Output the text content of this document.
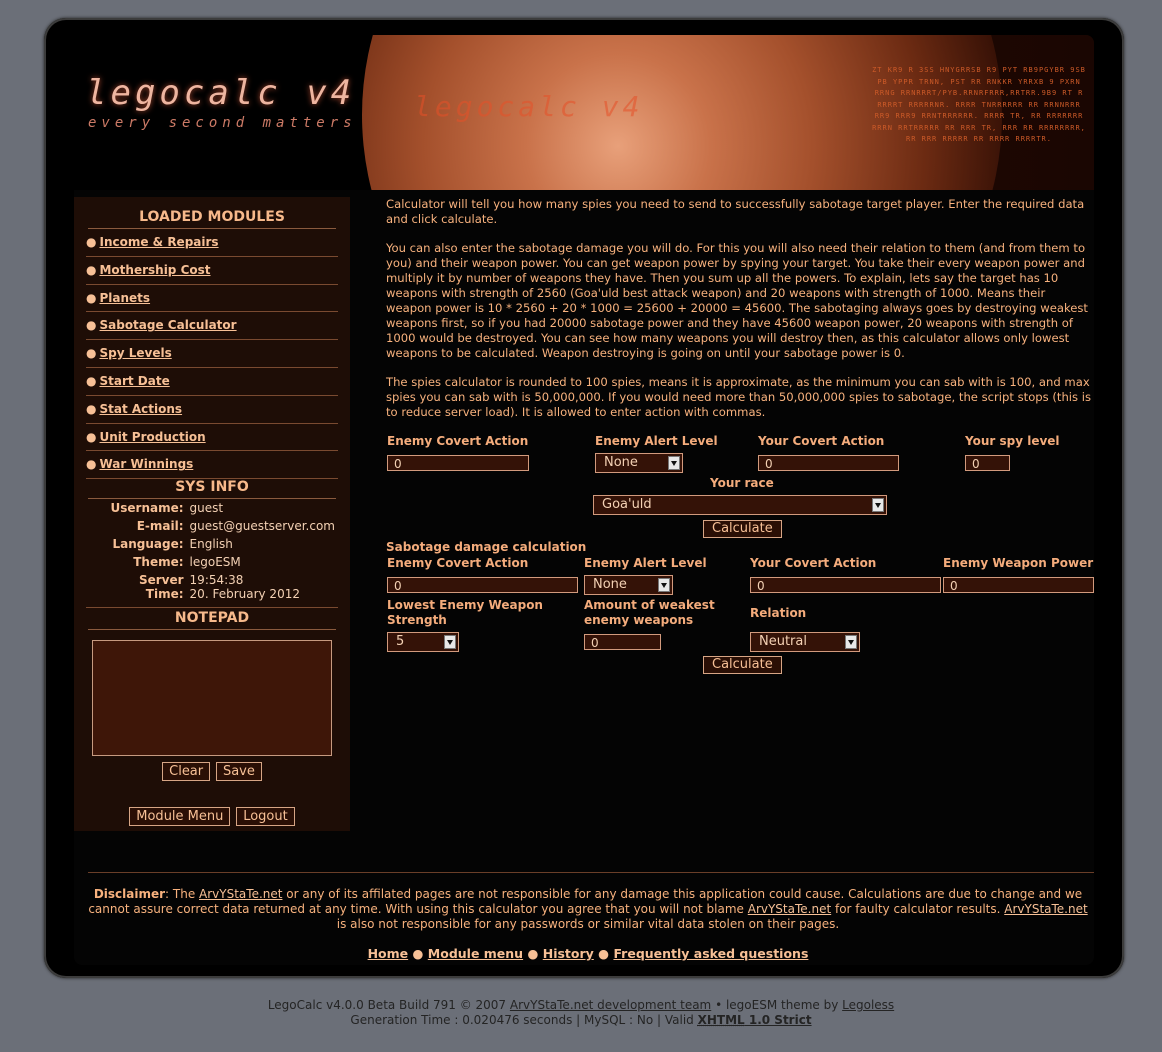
legocalc v4
every second matters legocalc v4
ZT KR9 R 3SS HNYGRRSB R9 PYT RB9PGYBR 9SB PB YPPR TRNN, PST RR RNKKR YRRXB 9 PXRN RRNG RRNRRRT/PYB.RRNRFRRR,RRTRR.9B9 RT R RRRRT RRRRRNR. RRRR TNRRRRRR RR RRNNRRR RR9 RRR9 RRNTRRRRRR. RRRR TR, RR RRRRRRR RRRN RRTRRRRR RR RRR TR, RRR RR RRRRRRRR, RR RRR RRRRR RR RRRR RRRRTR.
LOADED MODULES
● Income & Repairs
● Mothership Cost
● Planets
● Sabotage Calculator
● Spy Levels
● Start Date
● Stat Actions
● Unit Production
● War Winnings
SYS INFO
Username:	guest
E-mail:	guest@guestserver.com
Language:	English
Theme:	legoESM
Server Time:	19:54:38
20. February 2012
NOTEPAD
Clear Save
Module Menu Logout

Calculator will tell you how many spies you need to send to successfully sabotage target player. Enter the required data and click calculate.

You can also enter the sabotage damage you will do. For this you will also need their relation to them (and from them to you) and their weapon power. You can get weapon power by spying your target. You take their every weapon power and multiply it by number of weapons they have. Then you sum up all the powers. To explain, lets say the target has 10 weapons with strength of 2560 (Goa'uld best attack weapon) and 20 weapons with strength of 1000. Means their weapon power is 10 * 2560 + 20 * 1000 = 25600 + 20000 = 45600. The sabotaging always goes by destroying weakest weapons first, so if you had 20000 sabotage power and they have 45600 weapon power, 20 weapons with strength of 1000 would be destroyed. You can see how many weapons you will destroy then, as this calculator allows only lowest weapons to be calculated. Weapon destroying is going on until your sabotage power is 0.

The spies calculator is rounded to 100 spies, means it is approximate, as the minimum you can sab with is 100, and max spies you can sab with is 50,000,000. If you would need more than 50,000,000 spies to sabotage, the script stops (this is to reduce server load). It is allowed to enter action with commas.

Enemy Covert Action
0
Enemy Alert Level
None
Your Covert Action
0
Your spy level
0
Your race
Goa'uld
Calculate
Sabotage damage calculation
Enemy Covert Action
0
Enemy Alert Level
None
Your Covert Action
0
Enemy Weapon Power
0
Lowest Enemy Weapon Strength
5
Amount of weakest enemy weapons
0
Relation
Neutral
Calculate
Disclaimer: The ArvYStaTe.net or any of its affilated pages are not responsible for any damage this application could cause. Calculations are due to change and we cannot assure correct data returned at any time. With using this calculator you agree that you will not blame ArvYStaTe.net for faulty calculator results. ArvYStaTe.net is also not responsible for any passwords or similar vital data stolen on their pages.
Home ● Module menu ● History ● Frequently asked questions
LegoCalc v4.0.0 Beta Build 791 © 2007 ArvYStaTe.net development team • legoESM theme by Legoless
Generation Time : 0.020476 seconds | MySQL : No | Valid XHTML 1.0 Strict
